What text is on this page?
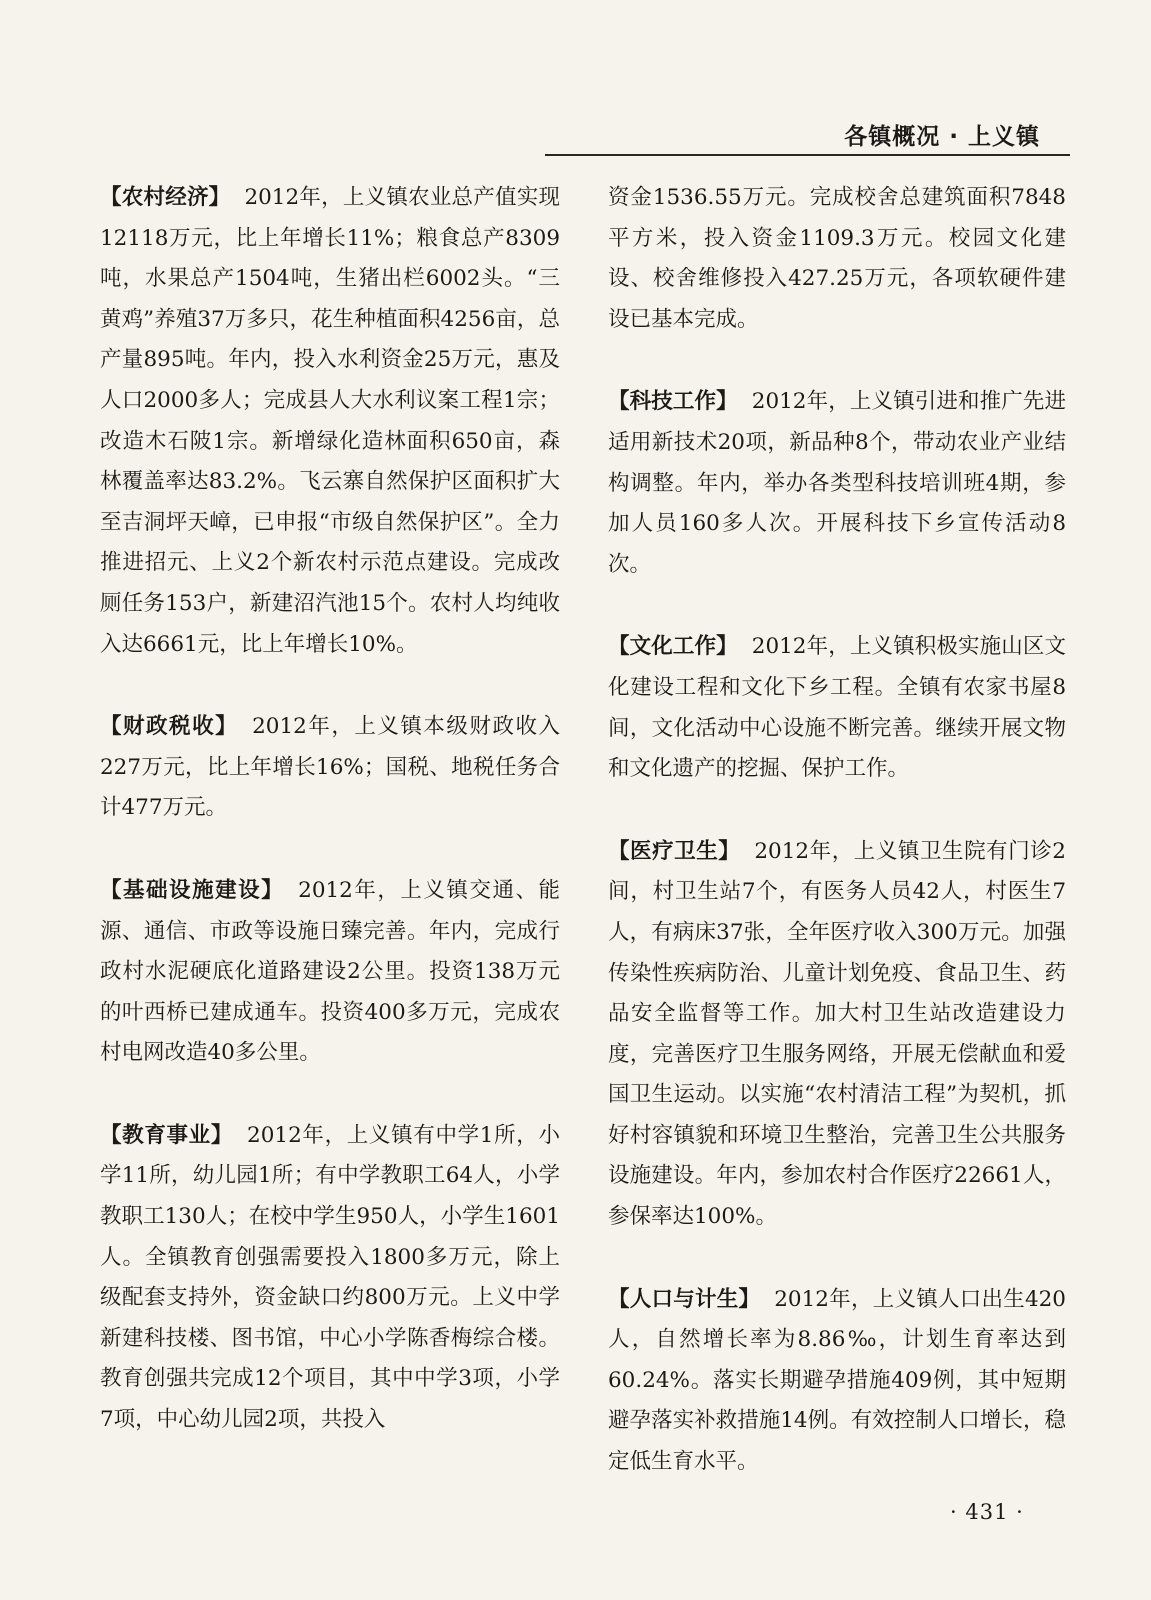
各镇概况 · 上义镇

【农村经济】 2012年，上义镇农业总产值实现12118万元，比上年增长11%；粮食总产8309吨，水果总产1504吨，生猪出栏6002头。“三黄鸡”养殖37万多只，花生种植面积4256亩，总产量895吨。年内，投入水利资金25万元，惠及人口2000多人；完成县人大水利议案工程1宗；改造木石陂1宗。新增绿化造林面积650亩，森林覆盖率达83.2%。飞云寨自然保护区面积扩大至吉洞坪天嶂，已申报“市级自然保护区”。全力推进招元、上义2个新农村示范点建设。完成改厕任务153户，新建沼汽池15个。农村人均纯收入达6661元，比上年增长10%。

【财政税收】 2012年，上义镇本级财政收入227万元，比上年增长16%；国税、地税任务合计477万元。

【基础设施建设】 2012年，上义镇交通、能源、通信、市政等设施日臻完善。年内，完成行政村水泥硬底化道路建设2公里。投资138万元的叶西桥已建成通车。投资400多万元，完成农村电网改造40多公里。

【教育事业】 2012年，上义镇有中学1所，小学11所，幼儿园1所；有中学教职工64人，小学教职工130人；在校中学生950人，小学生1601人。全镇教育创强需要投入1800多万元，除上级配套支持外，资金缺口约800万元。上义中学新建科技楼、图书馆，中心小学陈香梅综合楼。教育创强共完成12个项目，其中中学3项，小学7项，中心幼儿园2项，共投入

资金1536.55万元。完成校舍总建筑面积7848平方米，投入资金1109.3万元。校园文化建设、校舍维修投入427.25万元，各项软硬件建设已基本完成。

【科技工作】 2012年，上义镇引进和推广先进适用新技术20项，新品种8个，带动农业产业结构调整。年内，举办各类型科技培训班4期，参加人员160多人次。开展科技下乡宣传活动8次。

【文化工作】 2012年，上义镇积极实施山区文化建设工程和文化下乡工程。全镇有农家书屋8间，文化活动中心设施不断完善。继续开展文物和文化遗产的挖掘、保护工作。

【医疗卫生】 2012年，上义镇卫生院有门诊2间，村卫生站7个，有医务人员42人，村医生7人，有病床37张，全年医疗收入300万元。加强传染性疾病防治、儿童计划免疫、食品卫生、药品安全监督等工作。加大村卫生站改造建设力度，完善医疗卫生服务网络，开展无偿献血和爱国卫生运动。以实施“农村清洁工程”为契机，抓好村容镇貌和环境卫生整治，完善卫生公共服务设施建设。年内，参加农村合作医疗22661人，参保率达100%。

【人口与计生】 2012年，上义镇人口出生420人，自然增长率为8.86‰，计划生育率达到60.24%。落实长期避孕措施409例，其中短期避孕落实补救措施14例。有效控制人口增长，稳定低生育水平。

· 431 ·
